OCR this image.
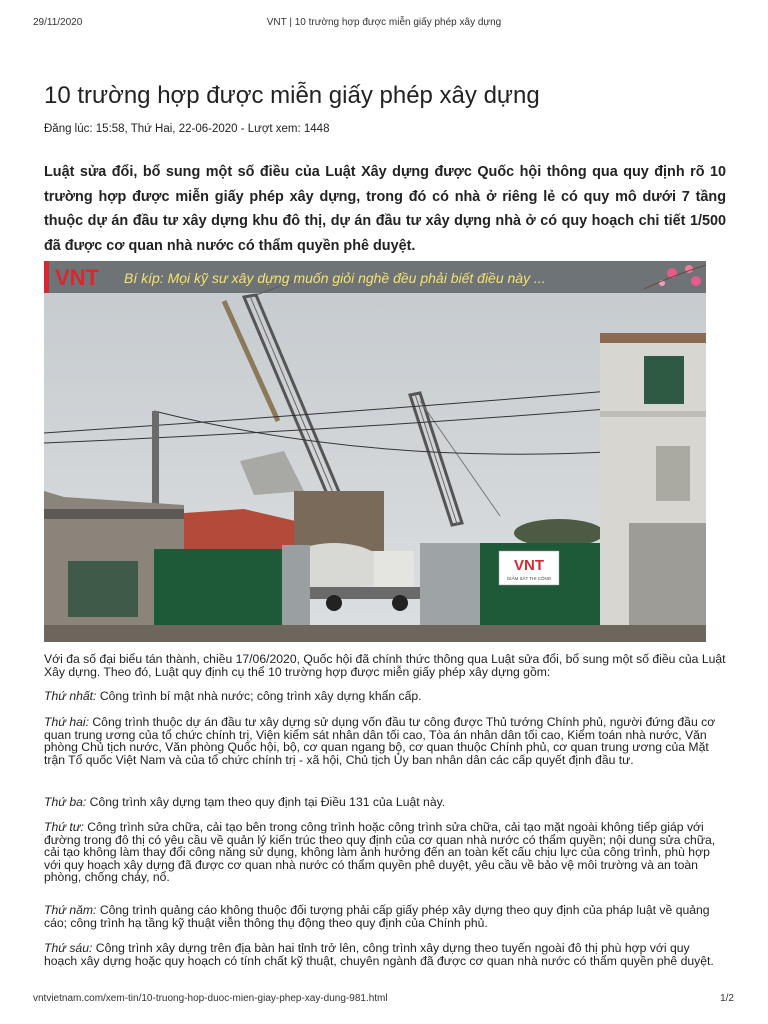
29/11/2020	VNT | 10 trường hợp được miễn giấy phép xây dựng
10 trường hợp được miễn giấy phép xây dựng
Đăng lúc: 15:58, Thứ Hai, 22-06-2020 - Lượt xem: 1448

Luật sửa đổi, bổ sung một số điều của Luật Xây dựng được Quốc hội thông qua quy định rõ 10 trường hợp được miễn giấy phép xây dựng, trong đó có nhà ở riêng lẻ có quy mô dưới 7 tầng thuộc dự án đầu tư xây dựng khu đô thị, dự án đầu tư xây dựng nhà ở có quy hoạch chi tiết 1/500 đã được cơ quan nhà nước có thẩm quyền phê duyệt.

VNT
GIẢM SÁT THI CÔNG
VNT Bí kíp: Mọi kỹ sư xây dựng muốn giỏi nghề đều phải biết điều này ...

Với đa số đại biểu tán thành, chiều 17/06/2020, Quốc hội đã chính thức thông qua Luật sửa đổi, bổ sung một số điều của Luật Xây dựng. Theo đó, Luật quy định cụ thể 10 trường hợp được miễn giấy phép xây dựng gồm:

Thứ nhất: Công trình bí mật nhà nước; công trình xây dựng khẩn cấp.

Thứ hai: Công trình thuộc dự án đầu tư xây dựng sử dụng vốn đầu tư công được Thủ tướng Chính phủ, người đứng đầu cơ quan trung ương của tổ chức chính trị, Viện kiểm sát nhân dân tối cao, Tòa án nhân dân tối cao, Kiểm toán nhà nước, Văn phòng Chủ tịch nước, Văn phòng Quốc hội, bộ, cơ quan ngang bộ, cơ quan thuộc Chính phủ, cơ quan trung ương của Mặt trận Tổ quốc Việt Nam và của tổ chức chính trị - xã hội, Chủ tịch Ủy ban nhân dân các cấp quyết định đầu tư.

Thứ ba: Công trình xây dựng tạm theo quy định tại Điều 131 của Luật này.

Thứ tư: Công trình sửa chữa, cải tạo bên trong công trình hoặc công trình sửa chữa, cải tạo mặt ngoài không tiếp giáp với đường trong đô thị có yêu cầu về quản lý kiến trúc theo quy định của cơ quan nhà nước có thẩm quyền; nội dung sửa chữa, cải tạo không làm thay đổi công năng sử dụng, không làm ảnh hưởng đến an toàn kết cấu chịu lực của công trình, phù hợp với quy hoạch xây dựng đã được cơ quan nhà nước có thẩm quyền phê duyệt, yêu cầu về bảo vệ môi trường và an toàn phòng, chống cháy, nổ.

Thứ năm: Công trình quảng cáo không thuộc đối tượng phải cấp giấy phép xây dựng theo quy định của pháp luật về quảng cáo; công trình hạ tầng kỹ thuật viễn thông thụ động theo quy định của Chính phủ.

Thứ sáu: Công trình xây dựng trên địa bàn hai tỉnh trở lên, công trình xây dựng theo tuyến ngoài đô thị phù hợp với quy hoạch xây dựng hoặc quy hoạch có tính chất kỹ thuật, chuyên ngành đã được cơ quan nhà nước có thẩm quyền phê duyệt.

vntvietnam.com/xem-tin/10-truong-hop-duoc-mien-giay-phep-xay-dung-981.html	1/2
